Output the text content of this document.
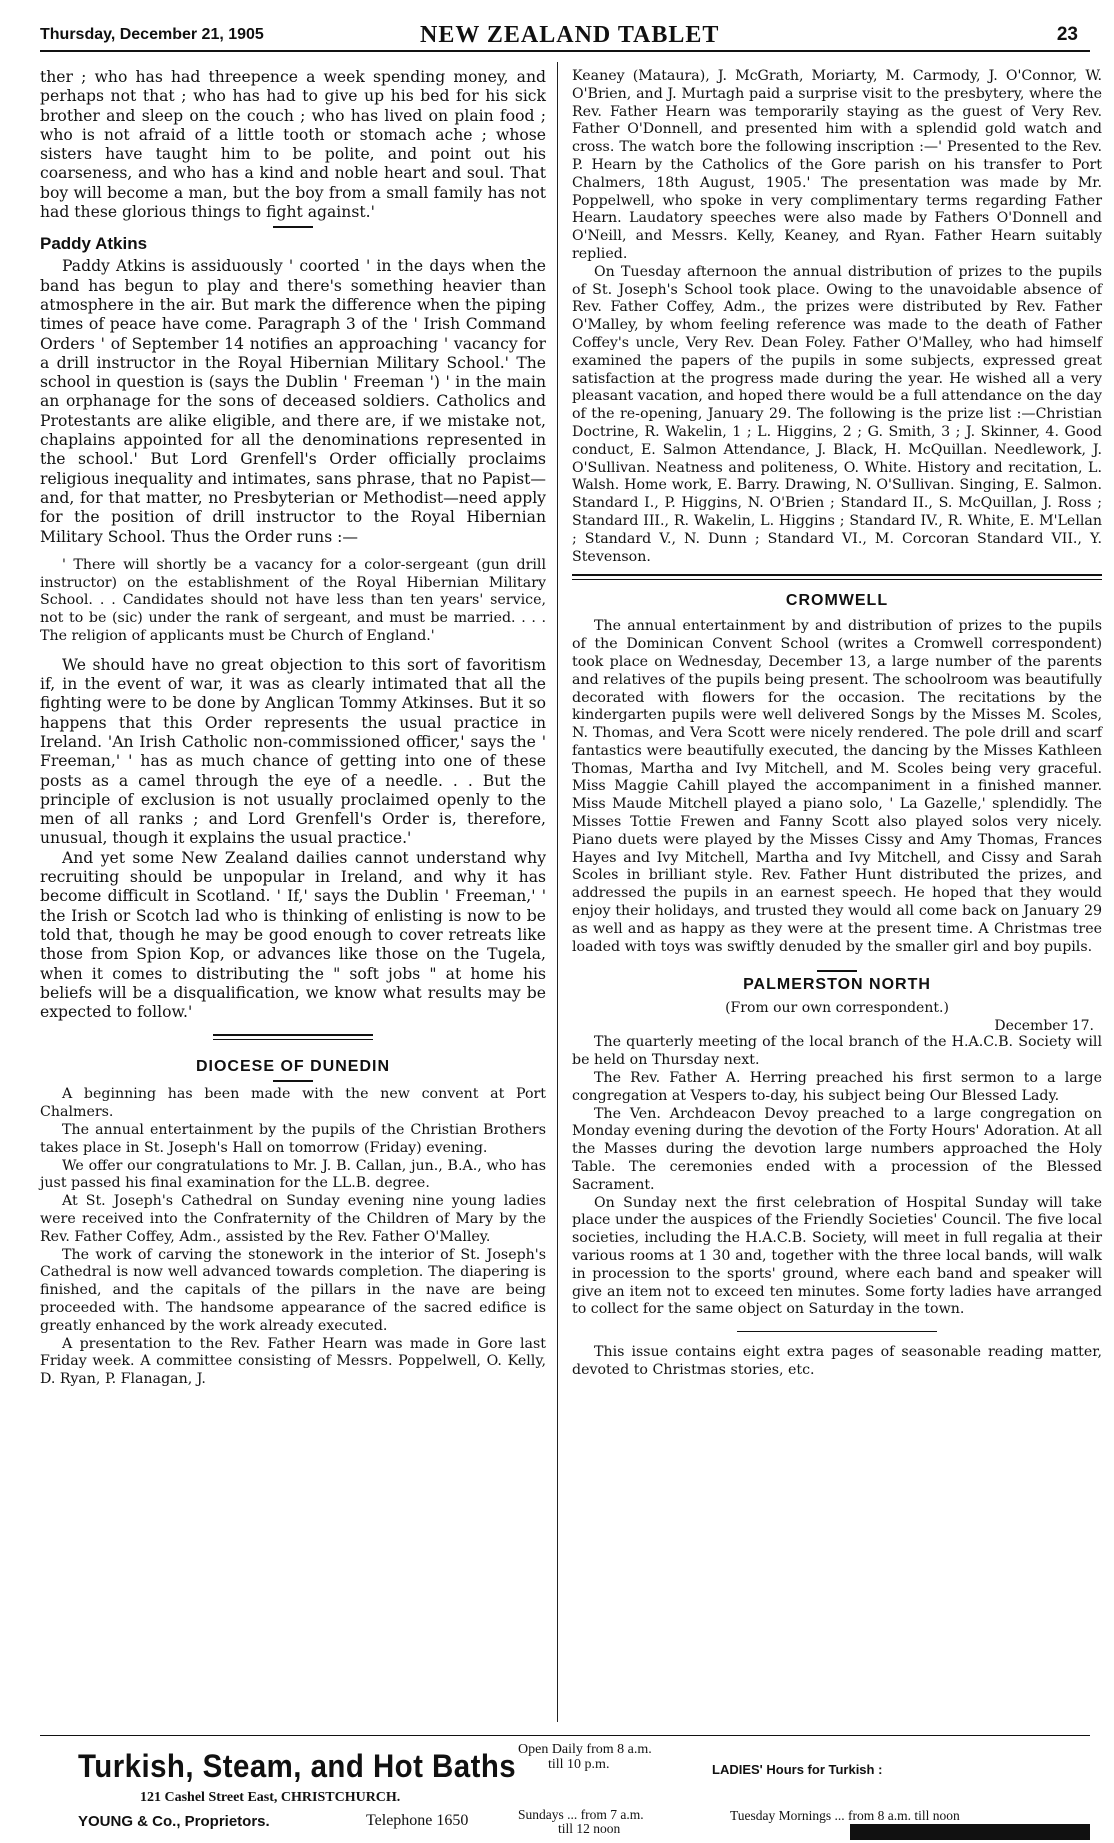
Thursday, December 21, 1905	NEW ZEALAND TABLET	23

ther ; who has had threepence a week spending money, and perhaps not that ; who has had to give up his bed for his sick brother and sleep on the couch ; who has lived on plain food ; who is not afraid of a little tooth or stomach ache ; whose sisters have taught him to be polite, and point out his coarseness, and who has a kind and noble heart and soul. That boy will become a man, but the boy from a small family has not had these glorious things to fight against.'

Paddy Atkins

Paddy Atkins is assiduously ' coorted ' in the days when the band has begun to play and there's something heavier than atmosphere in the air. But mark the difference when the piping times of peace have come. Paragraph 3 of the ' Irish Command Orders ' of September 14 notifies an approaching ' vacancy for a drill instructor in the Royal Hibernian Military School.' The school in question is (says the Dublin ' Freeman ') ' in the main an orphanage for the sons of deceased soldiers. Catholics and Protestants are alike eligible, and there are, if we mistake not, chaplains appointed for all the denominations represented in the school.' But Lord Grenfell's Order officially proclaims religious inequality and intimates, sans phrase, that no Papist—and, for that matter, no Presbyterian or Methodist—need apply for the position of drill instructor to the Royal Hibernian Military School. Thus the Order runs :—

' There will shortly be a vacancy for a color-sergeant (gun drill instructor) on the establishment of the Royal Hibernian Military School. . . Candidates should not have less than ten years' service, not to be (sic) under the rank of sergeant, and must be married. . . . The religion of applicants must be Church of England.'

We should have no great objection to this sort of favoritism if, in the event of war, it was as clearly intimated that all the fighting were to be done by Anglican Tommy Atkinses. But it so happens that this Order represents the usual practice in Ireland. 'An Irish Catholic non-commissioned officer,' says the ' Freeman,' ' has as much chance of getting into one of these posts as a camel through the eye of a needle. . . But the principle of exclusion is not usually proclaimed openly to the men of all ranks ; and Lord Grenfell's Order is, therefore, unusual, though it explains the usual practice.'

And yet some New Zealand dailies cannot understand why recruiting should be unpopular in Ireland, and why it has become difficult in Scotland. ' If,' says the Dublin ' Freeman,' ' the Irish or Scotch lad who is thinking of enlisting is now to be told that, though he may be good enough to cover retreats like those from Spion Kop, or advances like those on the Tugela, when it comes to distributing the " soft jobs " at home his beliefs will be a disqualification, we know what results may be expected to follow.'

DIOCESE OF DUNEDIN

A beginning has been made with the new convent at Port Chalmers.

The annual entertainment by the pupils of the Christian Brothers takes place in St. Joseph's Hall on tomorrow (Friday) evening.

We offer our congratulations to Mr. J. B. Callan, jun., B.A., who has just passed his final examination for the LL.B. degree.

At St. Joseph's Cathedral on Sunday evening nine young ladies were received into the Confraternity of the Children of Mary by the Rev. Father Coffey, Adm., assisted by the Rev. Father O'Malley.

The work of carving the stonework in the interior of St. Joseph's Cathedral is now well advanced towards completion. The diapering is finished, and the capitals of the pillars in the nave are being proceeded with. The handsome appearance of the sacred edifice is greatly enhanced by the work already executed.

A presentation to the Rev. Father Hearn was made in Gore last Friday week. A committee consisting of Messrs. Poppelwell, O. Kelly, D. Ryan, P. Flanagan, J.

Keaney (Mataura), J. McGrath, Moriarty, M. Carmody, J. O'Connor, W. O'Brien, and J. Murtagh paid a surprise visit to the presbytery, where the Rev. Father Hearn was temporarily staying as the guest of Very Rev. Father O'Donnell, and presented him with a splendid gold watch and cross. The watch bore the following inscription :—' Presented to the Rev. P. Hearn by the Catholics of the Gore parish on his transfer to Port Chalmers, 18th August, 1905.' The presentation was made by Mr. Poppelwell, who spoke in very complimentary terms regarding Father Hearn. Laudatory speeches were also made by Fathers O'Donnell and O'Neill, and Messrs. Kelly, Keaney, and Ryan. Father Hearn suitably replied.

On Tuesday afternoon the annual distribution of prizes to the pupils of St. Joseph's School took place. Owing to the unavoidable absence of Rev. Father Coffey, Adm., the prizes were distributed by Rev. Father O'Malley, by whom feeling reference was made to the death of Father Coffey's uncle, Very Rev. Dean Foley. Father O'Malley, who had himself examined the papers of the pupils in some subjects, expressed great satisfaction at the progress made during the year. He wished all a very pleasant vacation, and hoped there would be a full attendance on the day of the re-opening, January 29. The following is the prize list :—Christian Doctrine, R. Wakelin, 1 ; L. Higgins, 2 ; G. Smith, 3 ; J. Skinner, 4. Good conduct, E. Salmon Attendance, J. Black, H. McQuillan. Needlework, J. O'Sullivan. Neatness and politeness, O. White. History and recitation, L. Walsh. Home work, E. Barry. Drawing, N. O'Sullivan. Singing, E. Salmon. Standard I., P. Higgins, N. O'Brien ; Standard II., S. McQuillan, J. Ross ; Standard III., R. Wakelin, L. Higgins ; Standard IV., R. White, E. M'Lellan ; Standard V., N. Dunn ; Standard VI., M. Corcoran Standard VII., Y. Stevenson.

CROMWELL

The annual entertainment by and distribution of prizes to the pupils of the Dominican Convent School (writes a Cromwell correspondent) took place on Wednesday, December 13, a large number of the parents and relatives of the pupils being present. The schoolroom was beautifully decorated with flowers for the occasion. The recitations by the kindergarten pupils were well delivered Songs by the Misses M. Scoles, N. Thomas, and Vera Scott were nicely rendered. The pole drill and scarf fantastics were beautifully executed, the dancing by the Misses Kathleen Thomas, Martha and Ivy Mitchell, and M. Scoles being very graceful. Miss Maggie Cahill played the accompaniment in a finished manner. Miss Maude Mitchell played a piano solo, ' La Gazelle,' splendidly. The Misses Tottie Frewen and Fanny Scott also played solos very nicely. Piano duets were played by the Misses Cissy and Amy Thomas, Frances Hayes and Ivy Mitchell, Martha and Ivy Mitchell, and Cissy and Sarah Scoles in brilliant style. Rev. Father Hunt distributed the prizes, and addressed the pupils in an earnest speech. He hoped that they would enjoy their holidays, and trusted they would all come back on January 29 as well and as happy as they were at the present time. A Christmas tree loaded with toys was swiftly denuded by the smaller girl and boy pupils.

PALMERSTON NORTH
(From our own correspondent.)
December 17.

The quarterly meeting of the local branch of the H.A.C.B. Society will be held on Thursday next.

The Rev. Father A. Herring preached his first sermon to a large congregation at Vespers to-day, his subject being Our Blessed Lady.

The Ven. Archdeacon Devoy preached to a large congregation on Monday evening during the devotion of the Forty Hours' Adoration. At all the Masses during the devotion large numbers approached the Holy Table. The ceremonies ended with a procession of the Blessed Sacrament.

On Sunday next the first celebration of Hospital Sunday will take place under the auspices of the Friendly Societies' Council. The five local societies, including the H.A.C.B. Society, will meet in full regalia at their various rooms at 1 30 and, together with the three local bands, will walk in procession to the sports' ground, where each band and speaker will give an item not to exceed ten minutes. Some forty ladies have arranged to collect for the same object on Saturday in the town.

This issue contains eight extra pages of seasonable reading matter, devoted to Christmas stories, etc.

Turkish, Steam, and Hot Baths Open Daily from 8 a.m.
till 10 p.m.	LADIES' Hours for Turkish :
121 Cashel Street East, CHRISTCHURCH.
YOUNG & Co., Proprietors.	Telephone 1650	Sundays ... from 7 a.m.
till 12 noon
Tuesday Mornings ... from 8 a.m. till noon
